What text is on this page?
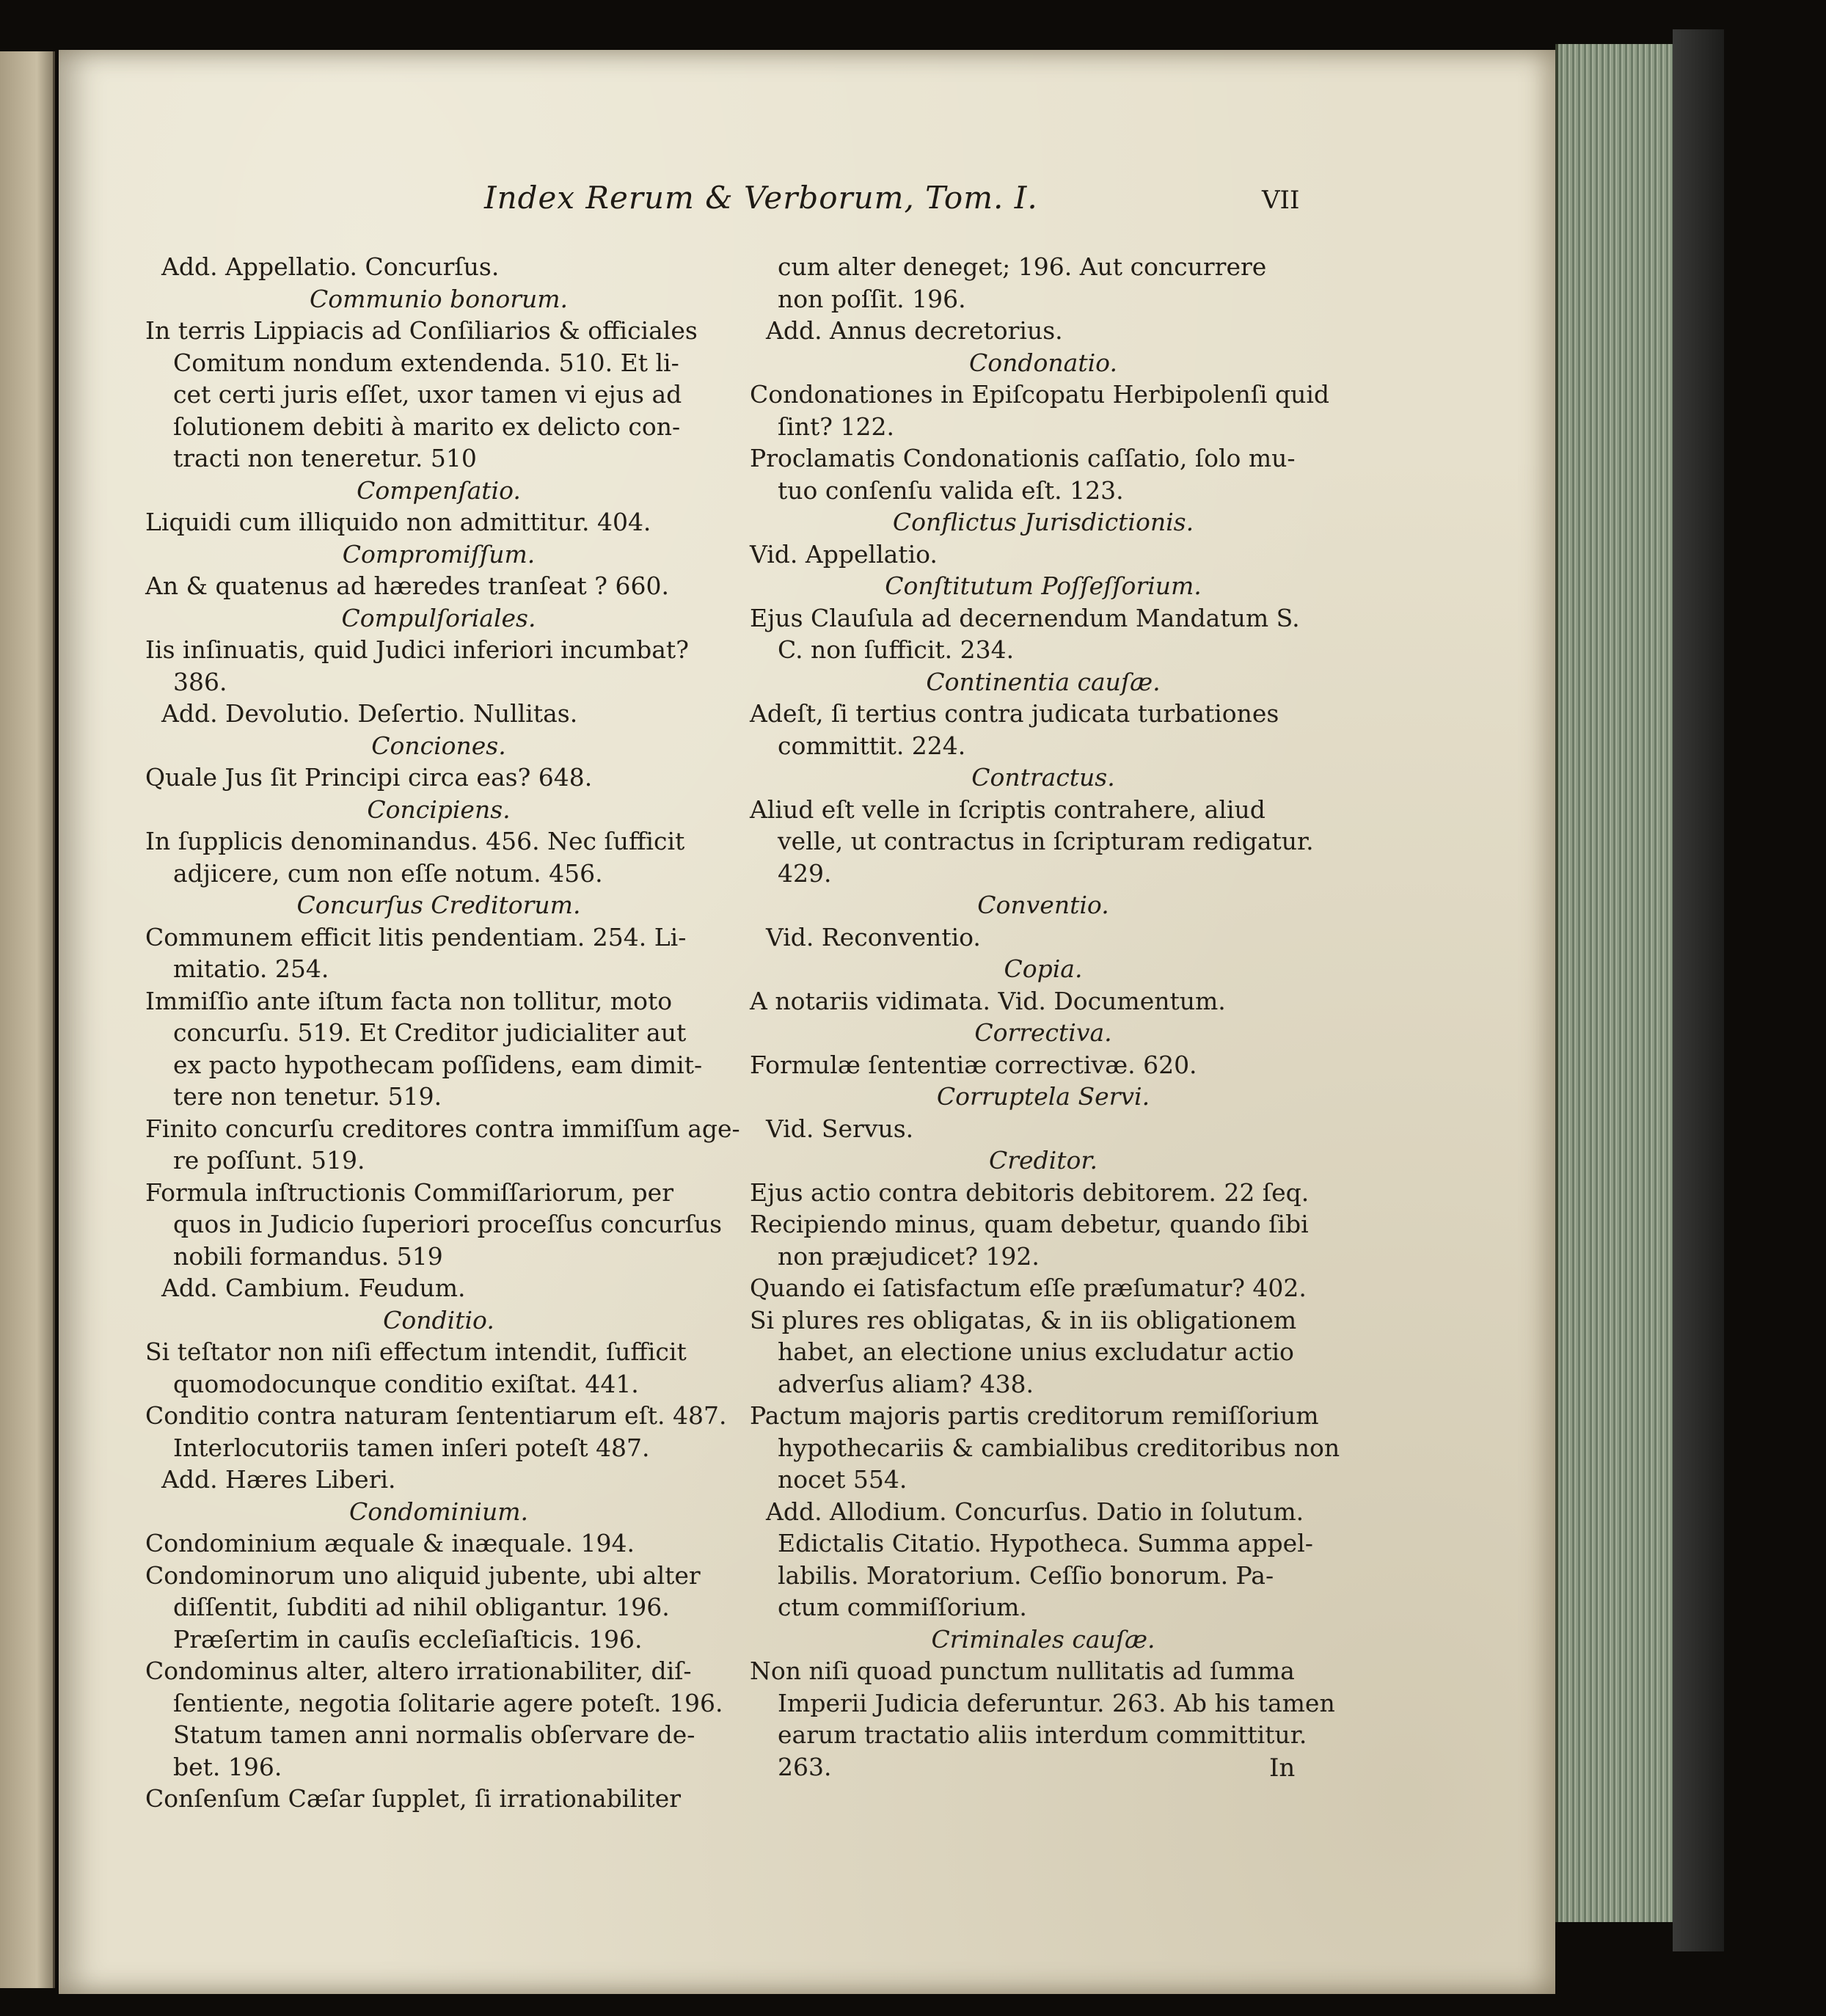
Index Rerum & Verborum, Tom. I.	VII
Add. Appellatio. Concurſus.
Communio bonorum.
In terris Lippiacis ad Conſiliarios & officiales
Comitum nondum extendenda. 510. Et li-
cet certi juris eſſet, uxor tamen vi ejus ad
ſolutionem debiti à marito ex delicto con-
tracti non teneretur. 510
Compenſatio.
Liquidi cum illiquido non admittitur. 404.
Compromiſſum.
An & quatenus ad hæredes tranſeat ? 660.
Compulſoriales.
Iis inſinuatis, quid Judici inferiori incumbat?
386.
Add. Devolutio. Deſertio. Nullitas.
Conciones.
Quale Jus ſit Principi circa eas? 648.
Concipiens.
In ſupplicis denominandus. 456. Nec ſufficit
adjicere, cum non eſſe notum. 456.
Concurſus Creditorum.
Communem efficit litis pendentiam. 254. Li-
mitatio. 254.
Immiſſio ante iſtum facta non tollitur, moto
concurſu. 519. Et Creditor judicialiter aut
ex pacto hypothecam poſſidens, eam dimit-
tere non tenetur. 519.
Finito concurſu creditores contra immiſſum age-
re poſſunt. 519.
Formula inſtructionis Commiſſariorum, per
quos in Judicio ſuperiori proceſſus concurſus
nobili formandus. 519
Add. Cambium. Feudum.
Conditio.
Si teſtator non niſi effectum intendit, ſufficit
quomodocunque conditio exiſtat. 441.
Conditio contra naturam ſententiarum eſt. 487.
Interlocutoriis tamen inſeri poteſt 487.
Add. Hæres Liberi.
Condominium.
Condominium æquale & inæquale. 194.
Condominorum uno aliquid jubente, ubi alter
diſſentit, ſubditi ad nihil obligantur. 196.
Præſertim in cauſis eccleſiaſticis. 196.
Condominus alter, altero irrationabiliter, diſ-
ſentiente, negotia ſolitarie agere poteſt. 196.
Statum tamen anni normalis obſervare de-
bet. 196.
Conſenſum Cæſar ſupplet, ſi irrationabiliter
cum alter deneget; 196. Aut concurrere
non poſſit. 196.
Add. Annus decretorius.
Condonatio.
Condonationes in Epiſcopatu Herbipolenſi quid
ſint? 122.
Proclamatis Condonationis caſſatio, ſolo mu-
tuo conſenſu valida eſt. 123.
Conflictus Jurisdictionis.
Vid. Appellatio.
Conſtitutum Poſſeſſorium.
Ejus Clauſula ad decernendum Mandatum S.
C. non ſufficit. 234.
Continentia cauſæ.
Adeſt, ſi tertius contra judicata turbationes
committit. 224.
Contractus.
Aliud eſt velle in ſcriptis contrahere, aliud
velle, ut contractus in ſcripturam redigatur.
429.
Conventio.
Vid. Reconventio.
Copia.
A notariis vidimata. Vid. Documentum.
Correctiva.
Formulæ ſententiæ correctivæ. 620.
Corruptela Servi.
Vid. Servus.
Creditor.
Ejus actio contra debitoris debitorem. 22 ſeq.
Recipiendo minus, quam debetur, quando ſibi
non præjudicet? 192.
Quando ei ſatisfactum eſſe præſumatur? 402.
Si plures res obligatas, & in iis obligationem
habet, an electione unius excludatur actio
adverſus aliam? 438.
Pactum majoris partis creditorum remiſſorium
hypothecariis & cambialibus creditoribus non
nocet 554.
Add. Allodium. Concurſus. Datio in ſolutum.
Edictalis Citatio. Hypotheca. Summa appel-
labilis. Moratorium. Ceſſio bonorum. Pa-
ctum commiſſorium.
Criminales cauſæ.
Non niſi quoad punctum nullitatis ad ſumma
Imperii Judicia deferuntur. 263. Ab his tamen
earum tractatio aliis interdum committitur.
263.	In
